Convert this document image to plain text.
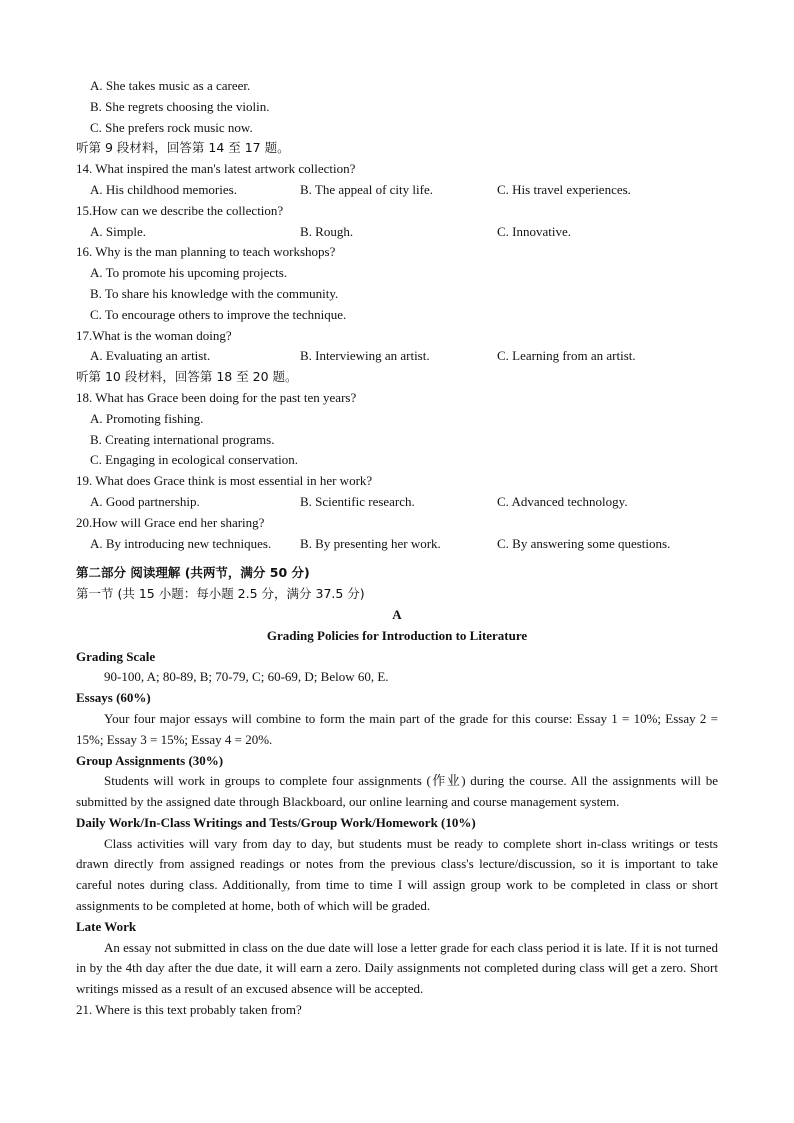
A. She takes music as a career.
B. She regrets choosing the violin.
C. She prefers rock music now.
听第 9 段材料，回答第 14 至 17 题。
14. What inspired the man's latest artwork collection?
A. His childhood memories.	B. The appeal of city life.	C. His travel experiences.
15.How can we describe the collection?
A. Simple.	B. Rough.	C. Innovative.
16. Why is the man planning to teach workshops?
A. To promote his upcoming projects.
B. To share his knowledge with the community.
C. To encourage others to improve the technique.
17.What is the woman doing?
A. Evaluating an artist.	B. Interviewing an artist.	C. Learning from an artist.
听第 10 段材料，回答第 18 至 20 题。
18. What has Grace been doing for the past ten years?
A. Promoting fishing.
B. Creating international programs.
C. Engaging in ecological conservation.
19. What does Grace think is most essential in her work?
A. Good partnership.	B. Scientific research.	C. Advanced technology.
20.How will Grace end her sharing?
A. By introducing new techniques.	B. By presenting her work.	C. By answering some questions.
第二部分 阅读理解 (共两节，满分 50 分)
第一节 (共 15 小题：每小题 2.5 分，满分 37.5 分)
A
Grading Policies for Introduction to Literature
Grading Scale
90-100, A; 80-89, B; 70-79, C; 60-69, D; Below 60, E.
Essays (60%)
Your four major essays will combine to form the main part of the grade for this course: Essay 1 = 10%; Essay 2 = 15%; Essay 3 = 15%; Essay 4 = 20%.
Group Assignments (30%)
Students will work in groups to complete four assignments (作业) during the course. All the assignments will be submitted by the assigned date through Blackboard, our online learning and course management system.
Daily Work/In-Class Writings and Tests/Group Work/Homework (10%)
Class activities will vary from day to day, but students must be ready to complete short in-class writings or tests drawn directly from assigned readings or notes from the previous class's lecture/discussion, so it is important to take careful notes during class. Additionally, from time to time I will assign group work to be completed in class or short assignments to be completed at home, both of which will be graded.
Late Work
An essay not submitted in class on the due date will lose a letter grade for each class period it is late. If it is not turned in by the 4th day after the due date, it will earn a zero. Daily assignments not completed during class will get a zero. Short writings missed as a result of an excused absence will be accepted.
21. Where is this text probably taken from?
